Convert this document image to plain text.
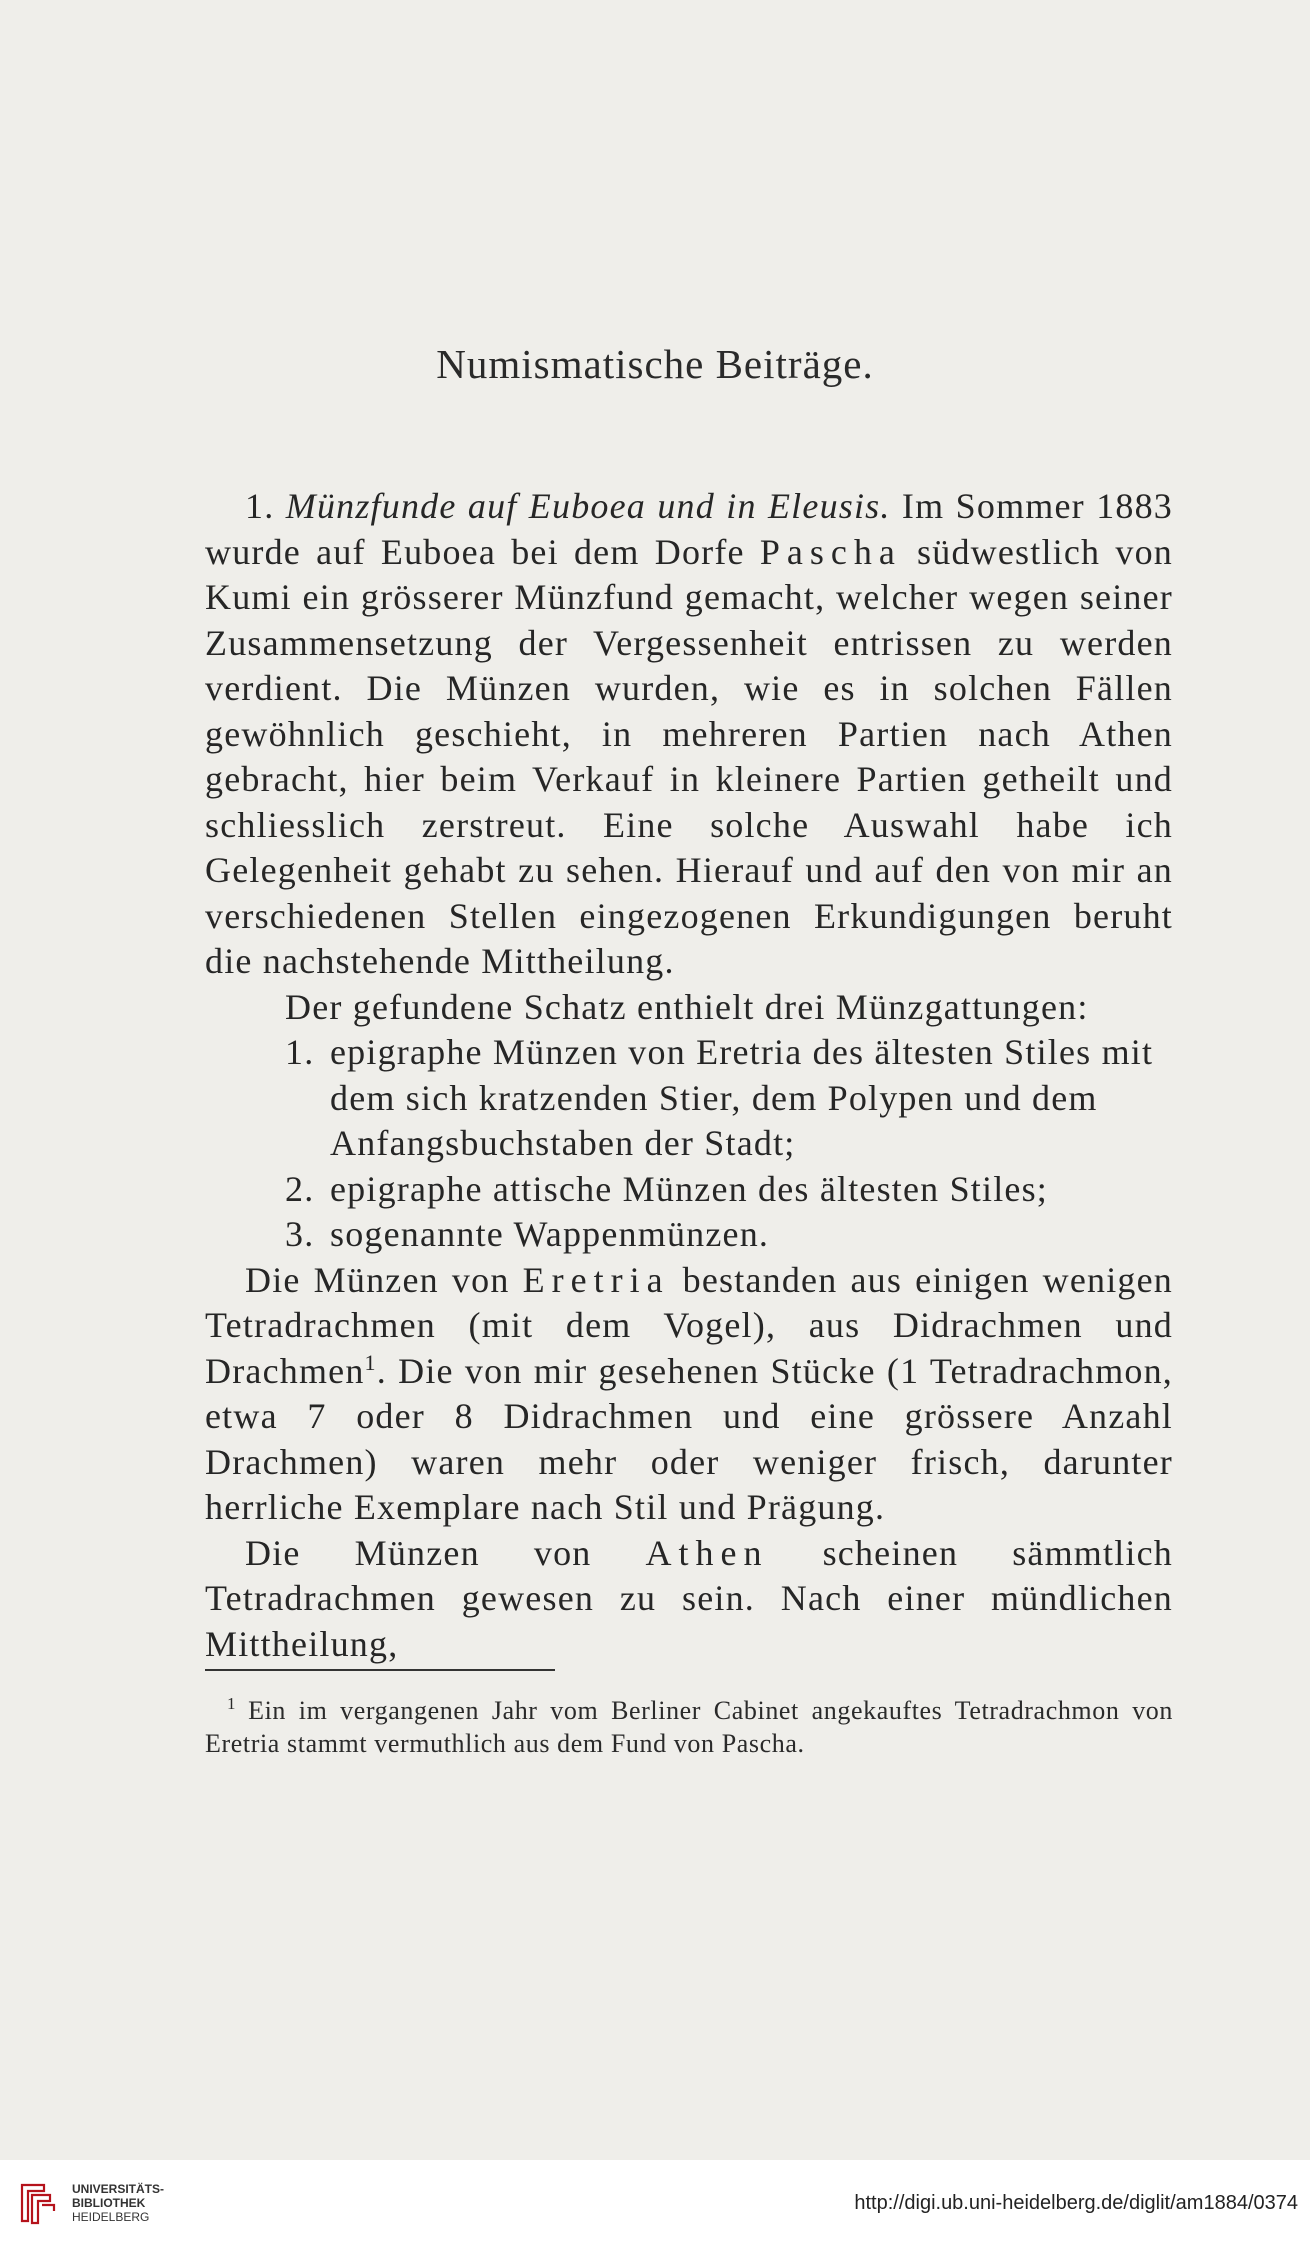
Numismatische Beiträge.

1. Münzfunde auf Euboea und in Eleusis. Im Sommer 1883 wurde auf Euboea bei dem Dorfe Pascha südwestlich von Kumi ein grösserer Münzfund gemacht, welcher wegen seiner Zusammensetzung der Vergessenheit entrissen zu werden verdient. Die Münzen wurden, wie es in solchen Fällen gewöhnlich geschieht, in mehreren Partien nach Athen gebracht, hier beim Verkauf in kleinere Partien getheilt und schliesslich zerstreut. Eine solche Auswahl habe ich Gelegenheit gehabt zu sehen. Hierauf und auf den von mir an verschiedenen Stellen eingezogenen Erkundigungen beruht die nachstehende Mittheilung.

Der gefundene Schatz enthielt drei Münzgattungen:

1. epigraphe Münzen von Eretria des ältesten Stiles mit dem sich kratzenden Stier, dem Polypen und dem Anfangsbuchstaben der Stadt;
2. epigraphe attische Münzen des ältesten Stiles;
3. sogenannte Wappenmünzen.

Die Münzen von Eretria bestanden aus einigen wenigen Tetradrachmen (mit dem Vogel), aus Didrachmen und Drachmen$^1$. Die von mir gesehenen Stücke (1 Tetradrachmon, etwa 7 oder 8 Didrachmen und eine grössere Anzahl Drachmen) waren mehr oder weniger frisch, darunter herrliche Exemplare nach Stil und Prägung.

Die Münzen von Athen scheinen sämmtlich Tetradrachmen gewesen zu sein. Nach einer mündlichen Mittheilung,

$^1$ Ein im vergangenen Jahr vom Berliner Cabinet angekauftes Tetradrachmon von Eretria stammt vermuthlich aus dem Fund von Pascha.
UNIVERSITÄTS-
BIBLIOTHEK
HEIDELBERG
http://digi.ub.uni-heidelberg.de/diglit/am1884/0374
